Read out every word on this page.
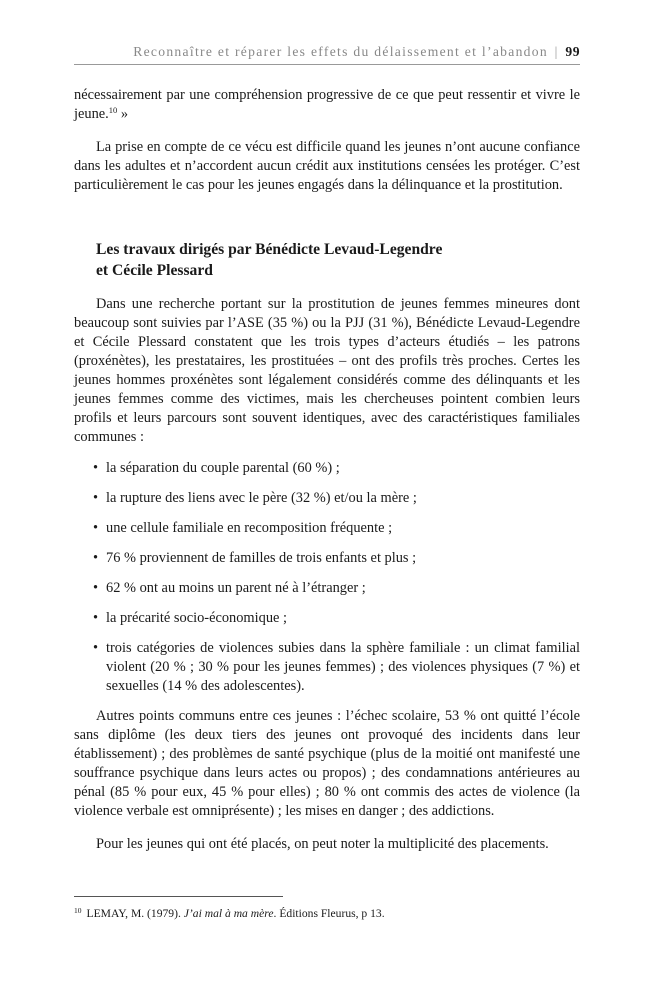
Reconnaître et réparer les effets du délaissement et l’abandon | 99

nécessairement par une compréhension progressive de ce que peut ressentir et vivre le jeune.$^{10}$ »

La prise en compte de ce vécu est difficile quand les jeunes n’ont aucune confiance dans les adultes et n’accordent aucun crédit aux institutions censées les protéger. C’est particulièrement le cas pour les jeunes engagés dans la délinquance et la prostitution.

Les travaux dirigés par Bénédicte Levaud-Legendre
et Cécile Plessard

Dans une recherche portant sur la prostitution de jeunes femmes mineures dont beaucoup sont suivies par l’ASE (35 %) ou la PJJ (31 %), Bénédicte Levaud-Legendre et Cécile Plessard constatent que les trois types d’acteurs étudiés – les patrons (proxénètes), les prestataires, les prostituées – ont des profils très proches. Certes les jeunes hommes proxénètes sont légalement considérés comme des délinquants et les jeunes femmes comme des victimes, mais les chercheuses pointent combien leurs profils et leurs parcours sont souvent identiques, avec des caractéristiques familiales communes :

• la séparation du couple parental (60 %) ;
• la rupture des liens avec le père (32 %) et/ou la mère ;
• une cellule familiale en recomposition fréquente ;
• 76 % proviennent de familles de trois enfants et plus ;
• 62 % ont au moins un parent né à l’étranger ;
• la précarité socio-économique ;
• trois catégories de violences subies dans la sphère familiale : un climat familial violent (20 % ; 30 % pour les jeunes femmes) ; des violences physiques (7 %) et sexuelles (14 % des adolescentes).

Autres points communs entre ces jeunes : l’échec scolaire, 53 % ont quitté l’école sans diplôme (les deux tiers des jeunes ont provoqué des incidents dans leur établissement) ; des problèmes de santé psychique (plus de la moitié ont manifesté une souffrance psychique dans leurs actes ou propos) ; des condamnations antérieures au pénal (85 % pour eux, 45 % pour elles) ; 80 % ont commis des actes de violence (la violence verbale est omniprésente) ; les mises en danger ; des addictions.

Pour les jeunes qui ont été placés, on peut noter la multiplicité des placements.

$^{10}$ LEMAY, M. (1979). J’ai mal à ma mère. Éditions Fleurus, p 13.
